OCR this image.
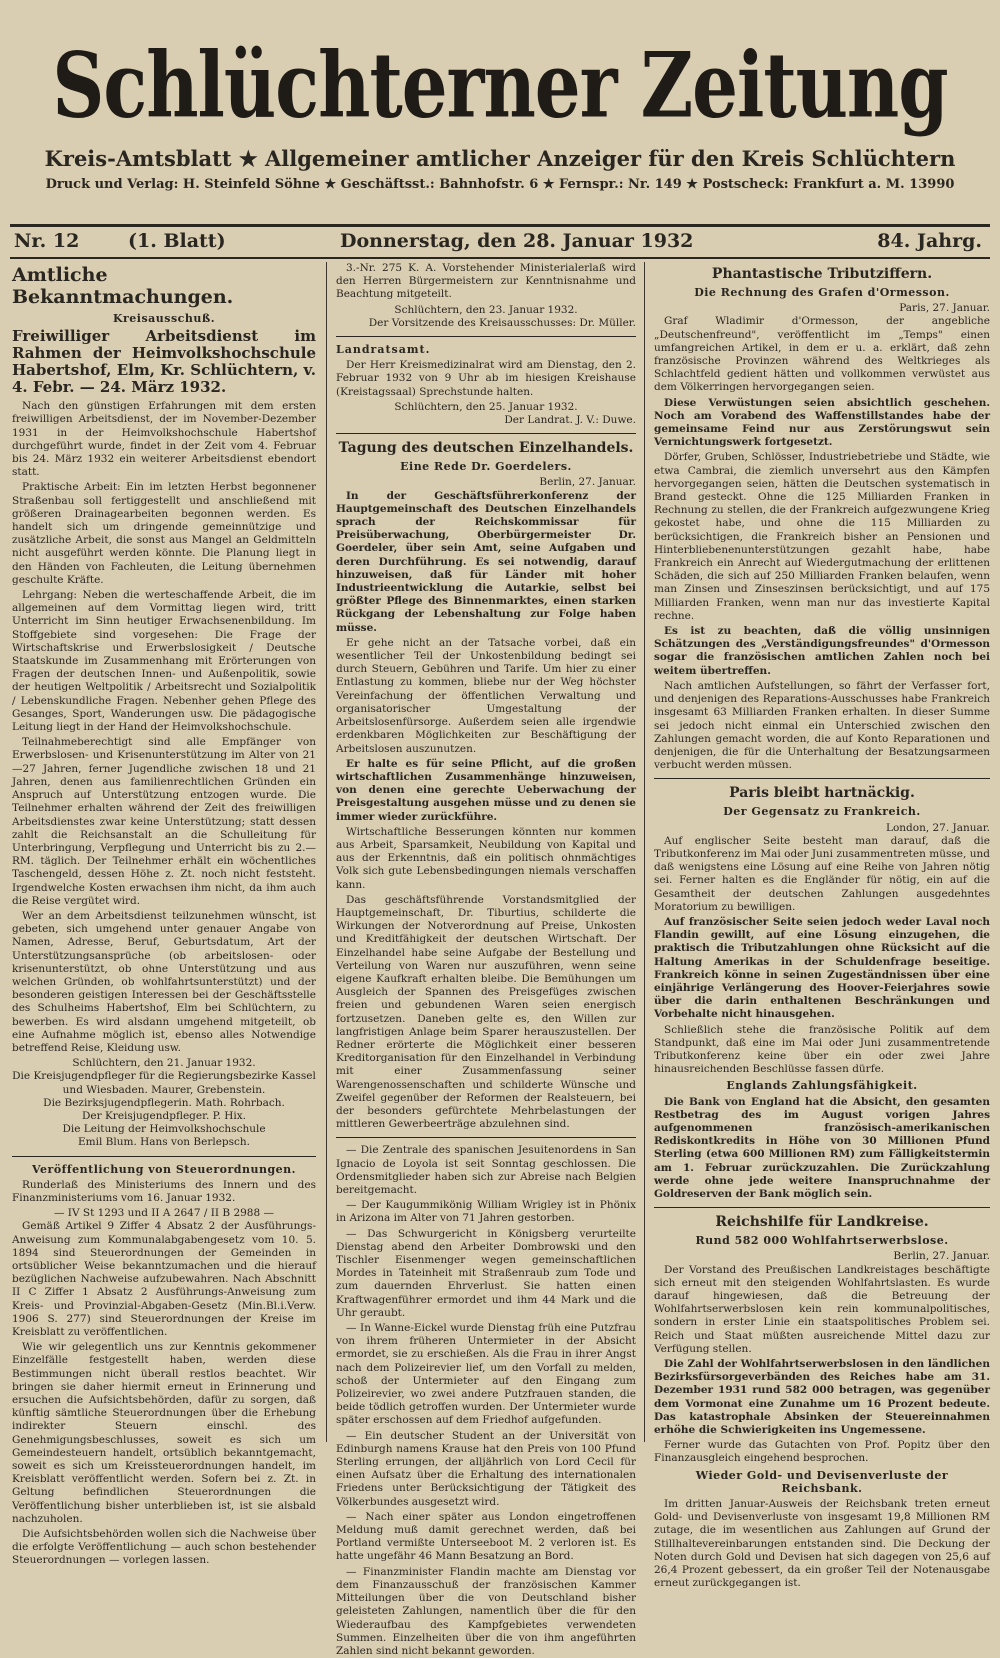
Schlüchterner Zeitung
Kreis-Amtsblatt ★ Allgemeiner amtlicher Anzeiger für den Kreis Schlüchtern
Druck und Verlag: H. Steinfeld Söhne ★ Geschäftsst.: Bahnhofstr. 6 ★ Fernspr.: Nr. 149 ★ Postscheck: Frankfurt a. M. 13990
Nr. 12	(1. Blatt)	Donnerstag, den 28. Januar 1932	84. Jahrg.
Amtliche Bekanntmachungen.
Kreisausschuß.
Freiwilliger Arbeitsdienst im Rahmen der Heimvolkshochschule Habertshof, Elm, Kr. Schlüchtern, v. 4. Febr. — 24. März 1932.

Nach den günstigen Erfahrungen mit dem ersten freiwilligen Arbeitsdienst, der im November-Dezember 1931 in der Heimvolkshochschule Habertshof durchgeführt wurde, findet in der Zeit vom 4. Februar bis 24. März 1932 ein weiterer Arbeitsdienst ebendort statt.

Praktische Arbeit: Ein im letzten Herbst begonnener Straßenbau soll fertiggestellt und anschließend mit größeren Drainagearbeiten begonnen werden. Es handelt sich um dringende gemeinnützige und zusätzliche Arbeit, die sonst aus Mangel an Geldmitteln nicht ausgeführt werden könnte. Die Planung liegt in den Händen von Fachleuten, die Leitung übernehmen geschulte Kräfte.

Lehrgang: Neben die werteschaffende Arbeit, die im allgemeinen auf dem Vormittag liegen wird, tritt Unterricht im Sinn heutiger Erwachsenenbildung. Im Stoffgebiete sind vorgesehen: Die Frage der Wirtschaftskrise und Erwerbslosigkeit / Deutsche Staatskunde im Zusammenhang mit Erörterungen von Fragen der deutschen Innen- und Außenpolitik, sowie der heutigen Weltpolitik / Arbeitsrecht und Sozialpolitik / Lebenskundliche Fragen. Nebenher gehen Pflege des Gesanges, Sport, Wanderungen usw. Die pädagogische Leitung liegt in der Hand der Heimvolkshochschule.

Teilnahmeberechtigt sind alle Empfänger von Erwerbslosen- und Krisenunterstützung im Alter von 21—27 Jahren, ferner Jugendliche zwischen 18 und 21 Jahren, denen aus familienrechtlichen Gründen ein Anspruch auf Unterstützung entzogen wurde. Die Teilnehmer erhalten während der Zeit des freiwilligen Arbeitsdienstes zwar keine Unterstützung; statt dessen zahlt die Reichsanstalt an die Schulleitung für Unterbringung, Verpflegung und Unterricht bis zu 2.— RM. täglich. Der Teilnehmer erhält ein wöchentliches Taschengeld, dessen Höhe z. Zt. noch nicht feststeht. Irgendwelche Kosten erwachsen ihm nicht, da ihm auch die Reise vergütet wird.

Wer an dem Arbeitsdienst teilzunehmen wünscht, ist gebeten, sich umgehend unter genauer Angabe von Namen, Adresse, Beruf, Geburtsdatum, Art der Unterstützungsansprüche (ob arbeitslosen- oder krisenunterstützt, ob ohne Unterstützung und aus welchen Gründen, ob wohlfahrtsunterstützt) und der besonderen geistigen Interessen bei der Geschäftsstelle des Schulheims Habertshof, Elm bei Schlüchtern, zu bewerben. Es wird alsdann umgehend mitgeteilt, ob eine Aufnahme möglich ist, ebenso alles Notwendige betreffend Reise, Kleidung usw.

Schlüchtern, den 21. Januar 1932.
Die Kreisjugendpfleger für die Regierungsbezirke Kassel und Wiesbaden. Maurer, Grebenstein.
Die Bezirksjugendpflegerin. Math. Rohrbach.
Der Kreisjugendpfleger. P. Hix.
Die Leitung der Heimvolkshochschule
Emil Blum. Hans von Berlepsch.
Veröffentlichung von Steuerordnungen.

Runderlaß des Ministeriums des Innern und des Finanzministeriums vom 16. Januar 1932.

— IV St 1293 und II A 2647 / II B 2988 —

Gemäß Artikel 9 Ziffer 4 Absatz 2 der Ausführungs-Anweisung zum Kommunalabgabengesetz vom 10. 5. 1894 sind Steuerordnungen der Gemeinden in ortsüblicher Weise bekanntzumachen und die hierauf bezüglichen Nachweise aufzubewahren. Nach Abschnitt II C Ziffer 1 Absatz 2 Ausführungs-Anweisung zum Kreis- und Provinzial-Abgaben-Gesetz (Min.Bl.i.Verw. 1906 S. 277) sind Steuerordnungen der Kreise im Kreisblatt zu veröffentlichen.

Wie wir gelegentlich uns zur Kenntnis gekommener Einzelfälle festgestellt haben, werden diese Bestimmungen nicht überall restlos beachtet. Wir bringen sie daher hiermit erneut in Erinnerung und ersuchen die Aufsichtsbehörden, dafür zu sorgen, daß künftig sämtliche Steuerordnungen über die Erhebung indirekter Steuern einschl. des Genehmigungsbeschlusses, soweit es sich um Gemeindesteuern handelt, ortsüblich bekanntgemacht, soweit es sich um Kreissteuerordnungen handelt, im Kreisblatt veröffentlicht werden. Sofern bei z. Zt. in Geltung befindlichen Steuerordnungen die Veröffentlichung bisher unterblieben ist, ist sie alsbald nachzuholen.

Die Aufsichtsbehörden wollen sich die Nachweise über die erfolgte Veröffentlichung — auch schon bestehender Steuerordnungen — vorlegen lassen.

3.-Nr. 275 K. A. Vorstehender Ministerialerlaß wird den Herren Bürgermeistern zur Kenntnisnahme und Beachtung mitgeteilt.

Schlüchtern, den 23. Januar 1932.
Der Vorsitzende des Kreisausschusses: Dr. Müller.
Landratsamt.

Der Herr Kreismedizinalrat wird am Dienstag, den 2. Februar 1932 von 9 Uhr ab im hiesigen Kreishause (Kreistagssaal) Sprechstunde halten.

Schlüchtern, den 25. Januar 1932.
Der Landrat. J. V.: Duwe.
Tagung des deutschen Einzelhandels.
Eine Rede Dr. Goerdelers.
Berlin, 27. Januar.

In der Geschäftsführerkonferenz der Hauptgemeinschaft des Deutschen Einzelhandels sprach der Reichskommissar für Preisüberwachung, Oberbürgermeister Dr. Goerdeler, über sein Amt, seine Aufgaben und deren Durchführung. Es sei notwendig, darauf hinzuweisen, daß für Länder mit hoher Industrieentwicklung die Autarkie, selbst bei größter Pflege des Binnenmarktes, einen starken Rückgang der Lebenshaltung zur Folge haben müsse.

Er gehe nicht an der Tatsache vorbei, daß ein wesentlicher Teil der Unkostenbildung bedingt sei durch Steuern, Gebühren und Tarife. Um hier zu einer Entlastung zu kommen, bliebe nur der Weg höchster Vereinfachung der öffentlichen Verwaltung und organisatorischer Umgestaltung der Arbeitslosenfürsorge. Außerdem seien alle irgendwie erdenkbaren Möglichkeiten zur Beschäftigung der Arbeitslosen auszunutzen.

Er halte es für seine Pflicht, auf die großen wirtschaftlichen Zusammenhänge hinzuweisen, von denen eine gerechte Ueberwachung der Preisgestaltung ausgehen müsse und zu denen sie immer wieder zurückführe.

Wirtschaftliche Besserungen könnten nur kommen aus Arbeit, Sparsamkeit, Neubildung von Kapital und aus der Erkenntnis, daß ein politisch ohnmächtiges Volk sich gute Lebensbedingungen niemals verschaffen kann.

Das geschäftsführende Vorstandsmitglied der Hauptgemeinschaft, Dr. Tiburtius, schilderte die Wirkungen der Notverordnung auf Preise, Unkosten und Kreditfähigkeit der deutschen Wirtschaft. Der Einzelhandel habe seine Aufgabe der Bestellung und Verteilung von Waren nur auszuführen, wenn seine eigene Kaufkraft erhalten bleibe. Die Bemühungen um Ausgleich der Spannen des Preisgefüges zwischen freien und gebundenen Waren seien energisch fortzusetzen. Daneben gelte es, den Willen zur langfristigen Anlage beim Sparer herauszustellen. Der Redner erörterte die Möglichkeit einer besseren Kreditorganisation für den Einzelhandel in Verbindung mit einer Zusammenfassung seiner Warengenossenschaften und schilderte Wünsche und Zweifel gegenüber der Reformen der Realsteuern, bei der besonders gefürchtete Mehrbelastungen der mittleren Gewerbeerträge abzulehnen sind.

— Die Zentrale des spanischen Jesuitenordens in San Ignacio de Loyola ist seit Sonntag geschlossen. Die Ordensmitglieder haben sich zur Abreise nach Belgien bereitgemacht.

— Der Kaugummikönig William Wrigley ist in Phönix in Arizona im Alter von 71 Jahren gestorben.

— Das Schwurgericht in Königsberg verurteilte Dienstag abend den Arbeiter Dombrowski und den Tischler Eisenmenger wegen gemeinschaftlichen Mordes in Tateinheit mit Straßenraub zum Tode und zum dauernden Ehrverlust. Sie hatten einen Kraftwagenführer ermordet und ihm 44 Mark und die Uhr geraubt.

— In Wanne-Eickel wurde Dienstag früh eine Putzfrau von ihrem früheren Untermieter in der Absicht ermordet, sie zu erschießen. Als die Frau in ihrer Angst nach dem Polizeirevier lief, um den Vorfall zu melden, schoß der Untermieter auf den Eingang zum Polizeirevier, wo zwei andere Putzfrauen standen, die beide tödlich getroffen wurden. Der Untermieter wurde später erschossen auf dem Friedhof aufgefunden.

— Ein deutscher Student an der Universität von Edinburgh namens Krause hat den Preis von 100 Pfund Sterling errungen, der alljährlich von Lord Cecil für einen Aufsatz über die Erhaltung des internationalen Friedens unter Berücksichtigung der Tätigkeit des Völkerbundes ausgesetzt wird.

— Nach einer später aus London eingetroffenen Meldung muß damit gerechnet werden, daß bei Portland vermißte Unterseeboot M. 2 verloren ist. Es hatte ungefähr 46 Mann Besatzung an Bord.

— Finanzminister Flandin machte am Dienstag vor dem Finanzausschuß der französischen Kammer Mitteilungen über die von Deutschland bisher geleisteten Zahlungen, namentlich über die für den Wiederaufbau des Kampfgebietes verwendeten Summen. Einzelheiten über die von ihm angeführten Zahlen sind nicht bekannt geworden.

Phantastische Tributziffern.
Die Rechnung des Grafen d'Ormesson.
Paris, 27. Januar.

Graf Wladimir d'Ormesson, der angebliche „Deutschenfreund", veröffentlicht im „Temps" einen umfangreichen Artikel, in dem er u. a. erklärt, daß zehn französische Provinzen während des Weltkrieges als Schlachtfeld gedient hätten und vollkommen verwüstet aus dem Völkerringen hervorgegangen seien.

Diese Verwüstungen seien absichtlich geschehen. Noch am Vorabend des Waffenstillstandes habe der gemeinsame Feind nur aus Zerstörungswut sein Vernichtungswerk fortgesetzt.

Dörfer, Gruben, Schlösser, Industriebetriebe und Städte, wie etwa Cambrai, die ziemlich unversehrt aus den Kämpfen hervorgegangen seien, hätten die Deutschen systematisch in Brand gesteckt. Ohne die 125 Milliarden Franken in Rechnung zu stellen, die der Frankreich aufgezwungene Krieg gekostet habe, und ohne die 115 Milliarden zu berücksichtigen, die Frankreich bisher an Pensionen und Hinterbliebenenunterstützungen gezahlt habe, habe Frankreich ein Anrecht auf Wiedergutmachung der erlittenen Schäden, die sich auf 250 Milliarden Franken belaufen, wenn man Zinsen und Zinseszinsen berücksichtigt, und auf 175 Milliarden Franken, wenn man nur das investierte Kapital rechne.

Es ist zu beachten, daß die völlig unsinnigen Schätzungen des „Verständigungsfreundes" d'Ormesson sogar die französischen amtlichen Zahlen noch bei weitem übertreffen.

Nach amtlichen Aufstellungen, so fährt der Verfasser fort, und denjenigen des Reparations-Ausschusses habe Frankreich insgesamt 63 Milliarden Franken erhalten. In dieser Summe sei jedoch nicht einmal ein Unterschied zwischen den Zahlungen gemacht worden, die auf Konto Reparationen und denjenigen, die für die Unterhaltung der Besatzungsarmeen verbucht werden müssen.

Paris bleibt hartnäckig.
Der Gegensatz zu Frankreich.
London, 27. Januar.

Auf englischer Seite besteht man darauf, daß die Tributkonferenz im Mai oder Juni zusammentreten müsse, und daß wenigstens eine Lösung auf eine Reihe von Jahren nötig sei. Ferner halten es die Engländer für nötig, ein auf die Gesamtheit der deutschen Zahlungen ausgedehntes Moratorium zu bewilligen.

Auf französischer Seite seien jedoch weder Laval noch Flandin gewillt, auf eine Lösung einzugehen, die praktisch die Tributzahlungen ohne Rücksicht auf die Haltung Amerikas in der Schuldenfrage beseitige. Frankreich könne in seinen Zugeständnissen über eine einjährige Verlängerung des Hoover-Feierjahres sowie über die darin enthaltenen Beschränkungen und Vorbehalte nicht hinausgehen.

Schließlich stehe die französische Politik auf dem Standpunkt, daß eine im Mai oder Juni zusammentretende Tributkonferenz keine über ein oder zwei Jahre hinausreichenden Beschlüsse fassen dürfe.

Englands Zahlungsfähigkeit.

Die Bank von England hat die Absicht, den gesamten Restbetrag des im August vorigen Jahres aufgenommenen französisch-amerikanischen Rediskontkredits in Höhe von 30 Millionen Pfund Sterling (etwa 600 Millionen RM) zum Fälligkeitstermin am 1. Februar zurückzuzahlen. Die Zurückzahlung werde ohne jede weitere Inanspruchnahme der Goldreserven der Bank möglich sein.

Reichshilfe für Landkreise.
Rund 582 000 Wohlfahrtserwerbslose.
Berlin, 27. Januar.

Der Vorstand des Preußischen Landkreistages beschäftigte sich erneut mit den steigenden Wohlfahrtslasten. Es wurde darauf hingewiesen, daß die Betreuung der Wohlfahrtserwerbslosen kein rein kommunalpolitisches, sondern in erster Linie ein staatspolitisches Problem sei. Reich und Staat müßten ausreichende Mittel dazu zur Verfügung stellen.

Die Zahl der Wohlfahrtserwerbslosen in den ländlichen Bezirksfürsorgeverbänden des Reiches habe am 31. Dezember 1931 rund 582 000 betragen, was gegenüber dem Vormonat eine Zunahme um 16 Prozent bedeute. Das katastrophale Absinken der Steuereinnahmen erhöhe die Schwierigkeiten ins Ungemessene.

Ferner wurde das Gutachten von Prof. Popitz über den Finanzausgleich eingehend besprochen.

Wieder Gold- und Devisenverluste der Reichsbank.

Im dritten Januar-Ausweis der Reichsbank treten erneut Gold- und Devisenverluste von insgesamt 19,8 Millionen RM zutage, die im wesentlichen aus Zahlungen auf Grund der Stillhaltevereinbarungen entstanden sind. Die Deckung der Noten durch Gold und Devisen hat sich dagegen von 25,6 auf 26,4 Prozent gebessert, da ein großer Teil der Notenausgabe erneut zurückgegangen ist.
